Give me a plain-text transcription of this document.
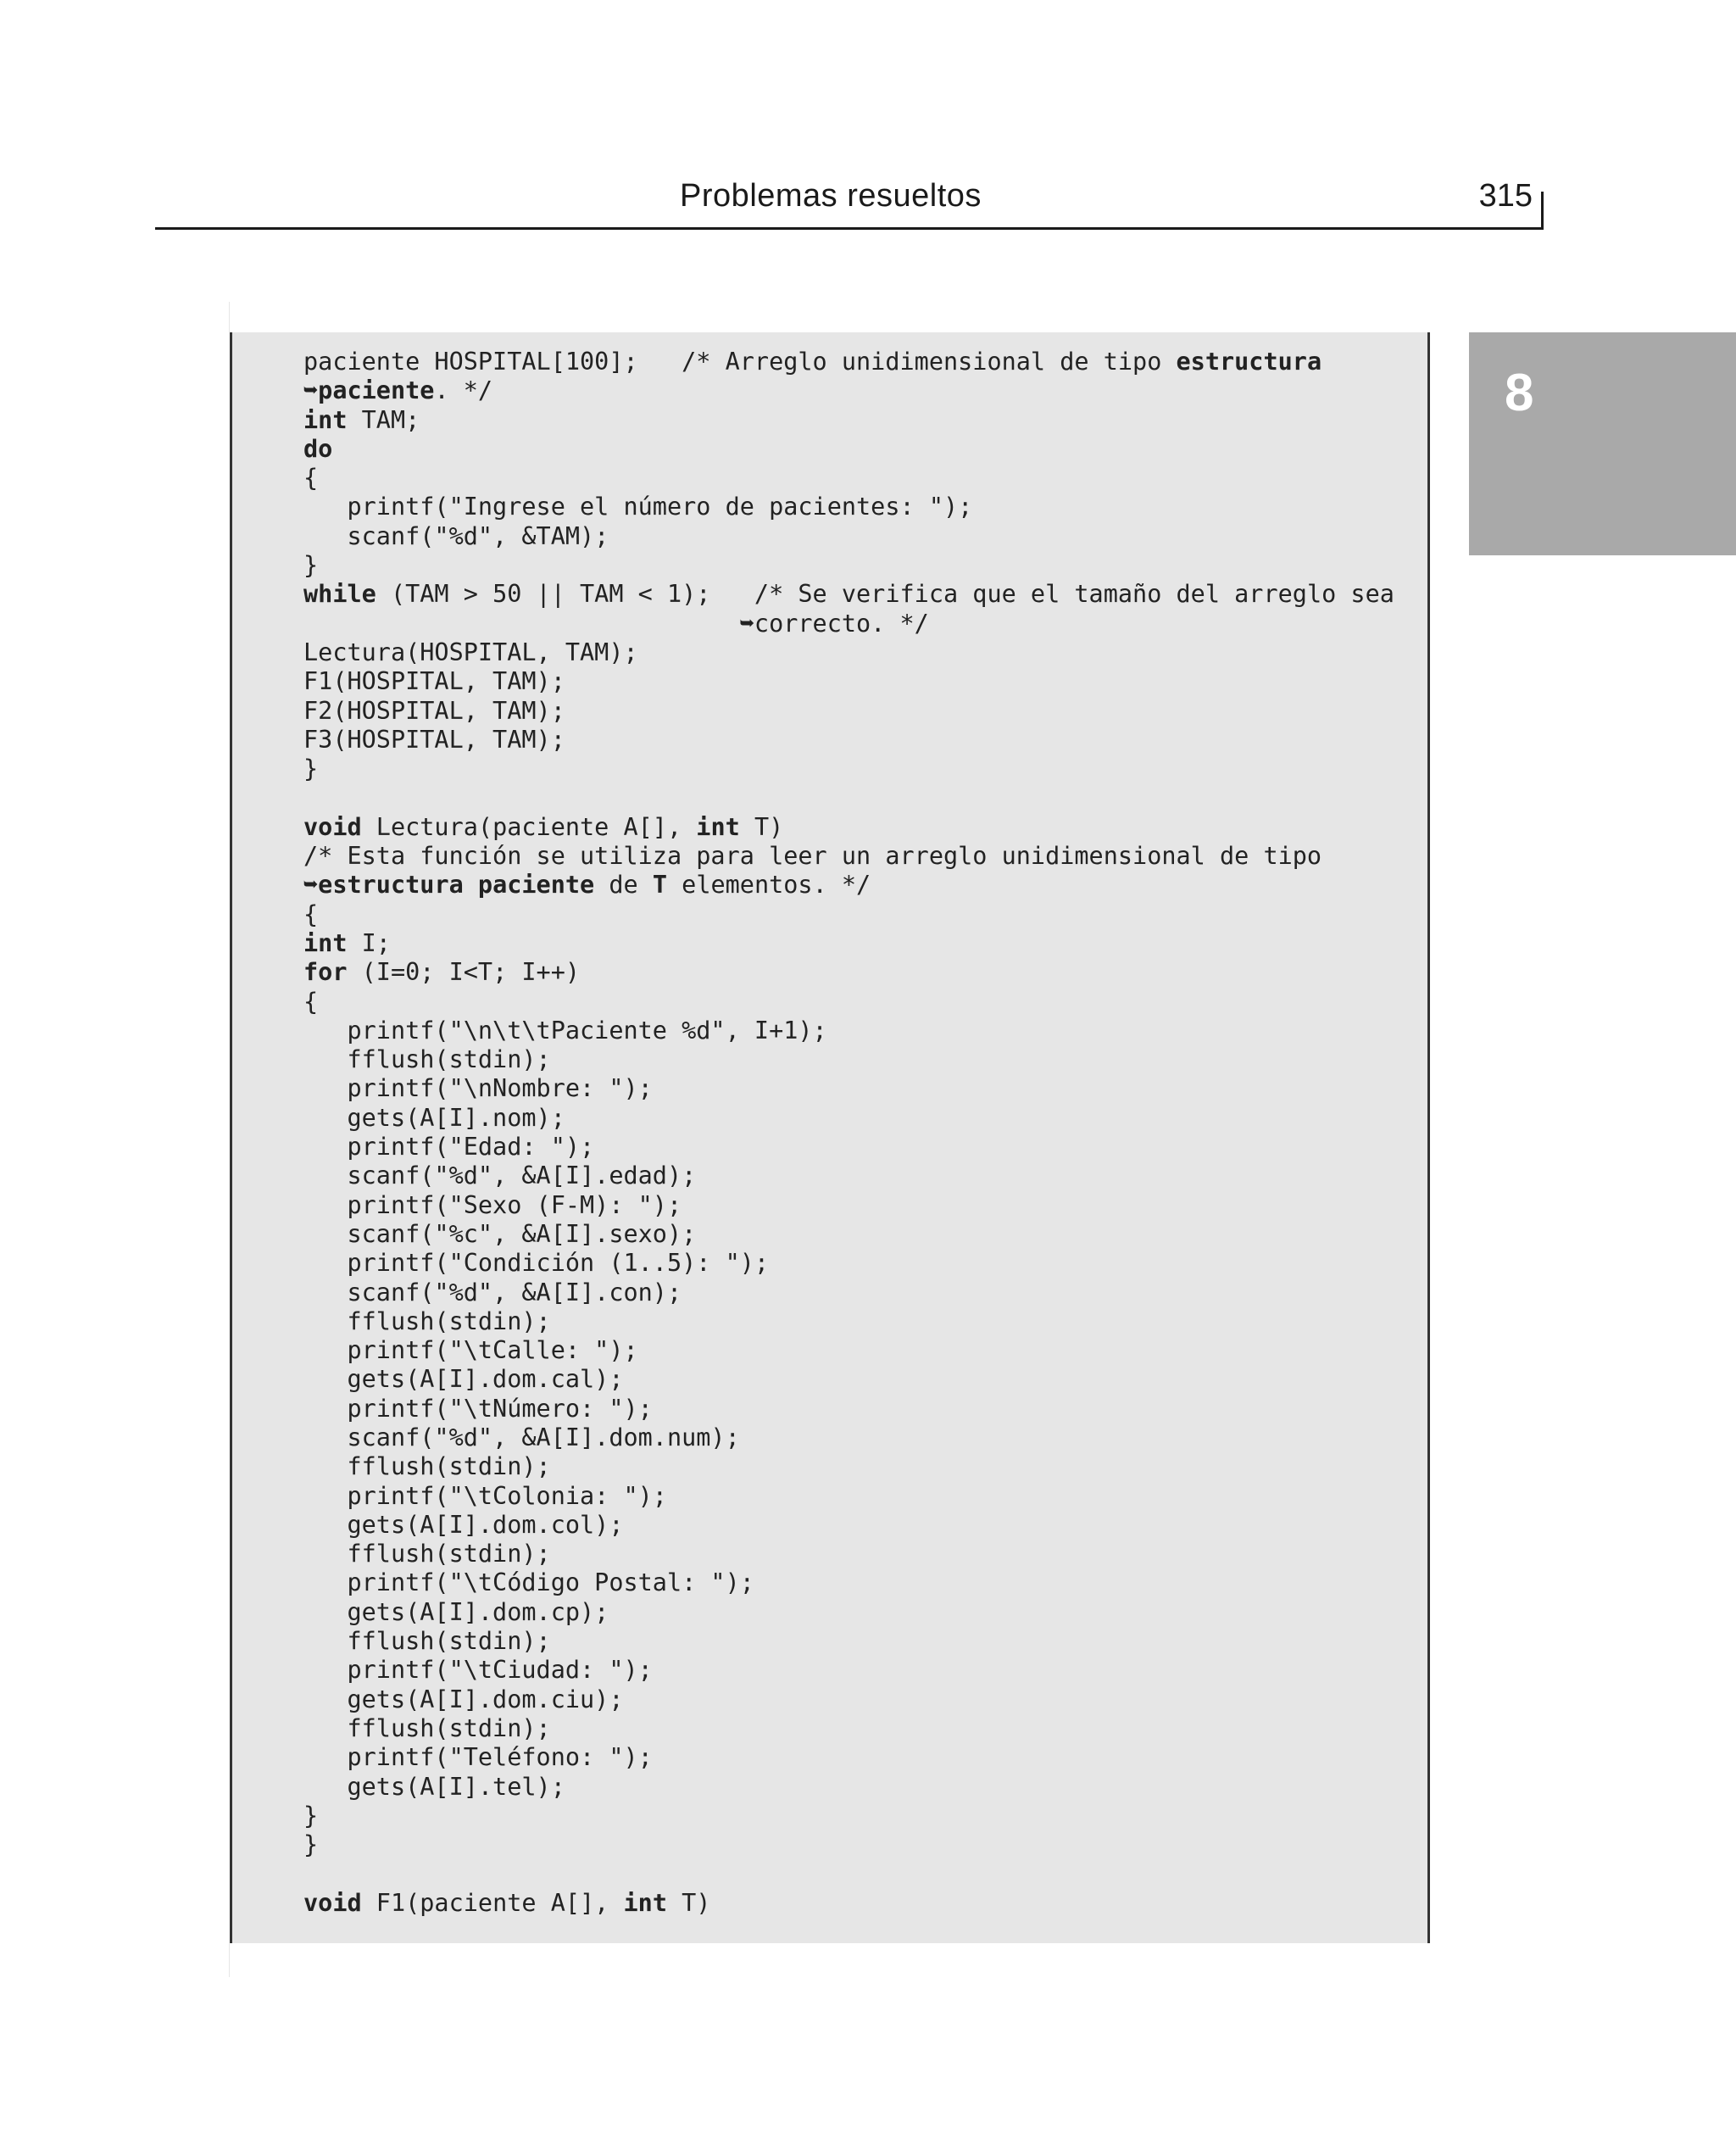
Problemas resueltos	315
8
paciente HOSPITAL[100];   /* Arreglo unidimensional de tipo estructura
➥paciente. */
int TAM;
do
{
printf("Ingrese el número de pacientes: ");
scanf("%d", &TAM);
}
while (TAM > 50 || TAM < 1);   /* Se verifica que el tamaño del arreglo sea
➥correcto. */
Lectura(HOSPITAL, TAM);
F1(HOSPITAL, TAM);
F2(HOSPITAL, TAM);
F3(HOSPITAL, TAM);
}
void Lectura(paciente A[], int T)
/* Esta función se utiliza para leer un arreglo unidimensional de tipo
➥estructura paciente de T elementos. */
{
int I;
for (I=0; I<T; I++)
{
printf("\n\t\tPaciente %d", I+1);
fflush(stdin);
printf("\nNombre: ");
gets(A[I].nom);
printf("Edad: ");
scanf("%d", &A[I].edad);
printf("Sexo (F-M): ");
scanf("%c", &A[I].sexo);
printf("Condición (1..5): ");
scanf("%d", &A[I].con);
fflush(stdin);
printf("\tCalle: ");
gets(A[I].dom.cal);
printf("\tNúmero: ");
scanf("%d", &A[I].dom.num);
fflush(stdin);
printf("\tColonia: ");
gets(A[I].dom.col);
fflush(stdin);
printf("\tCódigo Postal: ");
gets(A[I].dom.cp);
fflush(stdin);
printf("\tCiudad: ");
gets(A[I].dom.ciu);
fflush(stdin);
printf("Teléfono: ");
gets(A[I].tel);
}
}
void F1(paciente A[], int T)
